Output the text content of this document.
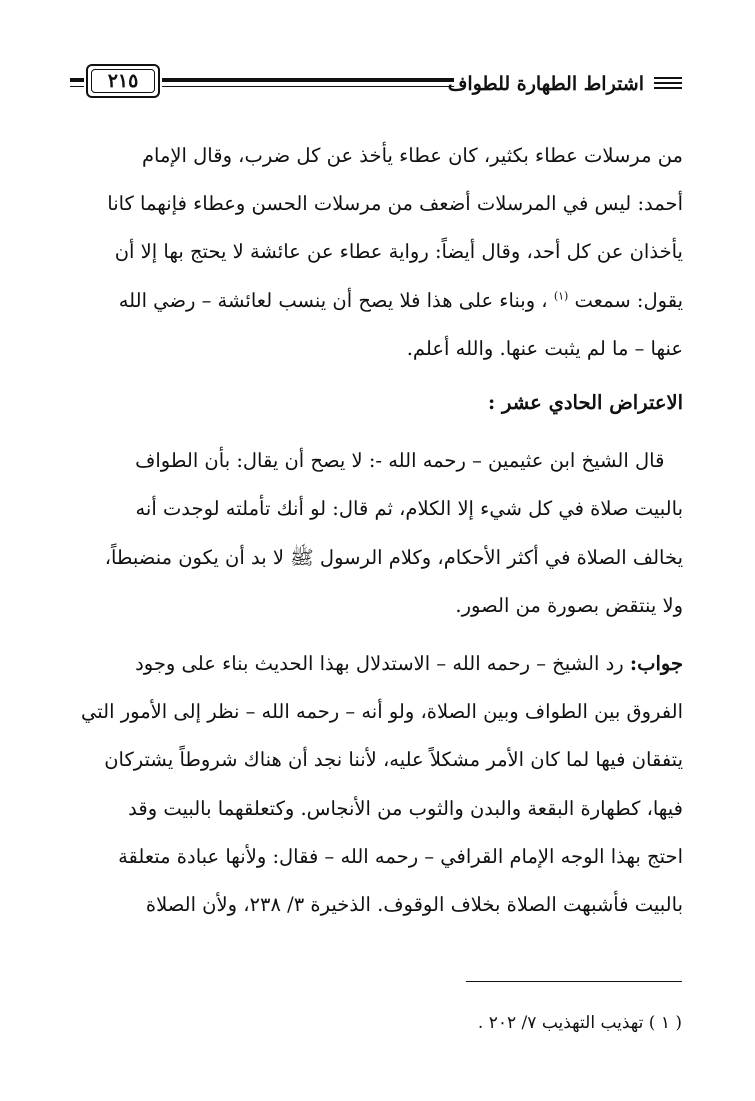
اشتراط الطهارة للطواف
٢١٥

من مرسلات عطاء بكثير، كان عطاء يأخذ عن كل ضرب، وقال الإمام

أحمد: ليس في المرسلات أضعف من مرسلات الحسن وعطاء فإنهما كانا

يأخذان عن كل أحد، وقال أيضاً: رواية عطاء عن عائشة لا يحتج بها إلا أن

يقول: سمعت $^{(١)}$ ، وبناء على هذا فلا يصح أن ينسب لعائشة – رضي الله

عنها – ما لم يثبت عنها. والله أعلم.

الاعتراض الحادي عشر :

قال الشيخ ابن عثيمين – رحمه الله -: لا يصح أن يقال: بأن الطواف

بالبيت صلاة في كل شيء إلا الكلام، ثم قال: لو أنك تأملته لوجدت أنه

يخالف الصلاة في أكثر الأحكام، وكلام الرسول ﷺ لا بد أن يكون منضبطاً،

ولا ينتقض بصورة من الصور.

جواب: رد الشيخ – رحمه الله – الاستدلال بهذا الحديث بناء على وجود

الفروق بين الطواف وبين الصلاة، ولو أنه – رحمه الله – نظر إلى الأمور التي

يتفقان فيها لما كان الأمر مشكلاً عليه، لأننا نجد أن هناك شروطاً يشتركان

فيها، كطهارة البقعة والبدن والثوب من الأنجاس. وكتعلقهما بالبيت وقد

احتج بهذا الوجه الإمام القرافي – رحمه الله – فقال: ولأنها عبادة متعلقة

بالبيت فأشبهت الصلاة بخلاف الوقوف. الذخيرة ٣/ ٢٣٨، ولأن الصلاة

( ١ ) تهذيب التهذيب ٧/ ٢٠٢ .
